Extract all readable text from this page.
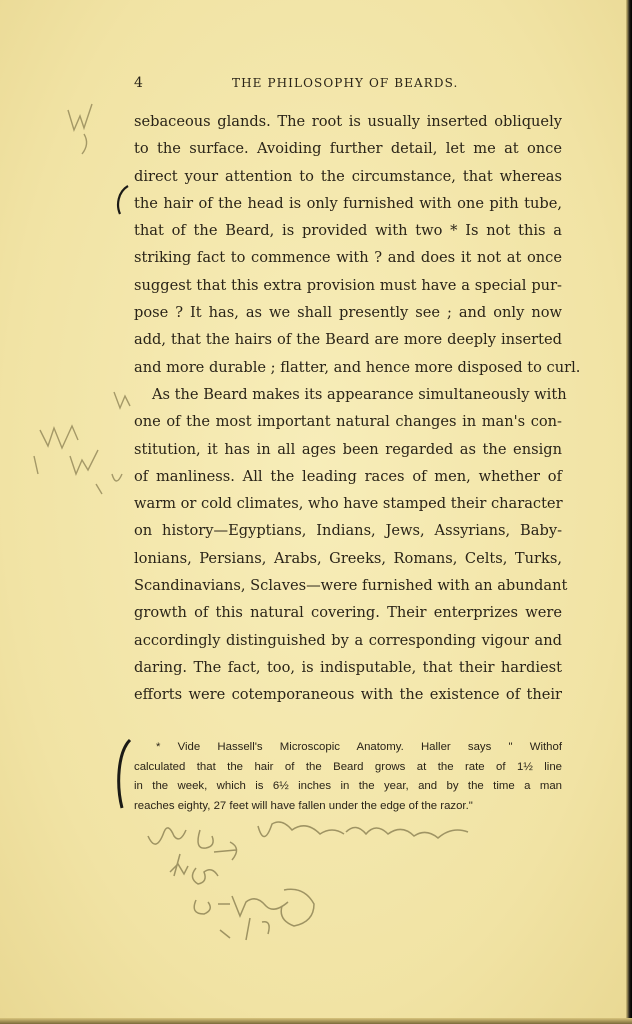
4	THE PHILOSOPHY OF BEARDS.
sebaceous glands. The root is usually inserted obliquely
to the surface. Avoiding further detail, let me at once
direct your attention to the circumstance, that whereas
the hair of the head is only furnished with one pith tube,
that of the Beard, is provided with two * Is not this a
striking fact to commence with ? and does it not at once
suggest that this extra provision must have a special pur-
pose ? It has, as we shall presently see ; and only now
add, that the hairs of the Beard are more deeply inserted
and more durable ; flatter, and hence more disposed to curl.
As the Beard makes its appearance simultaneously with
one of the most important natural changes in man's con-
stitution, it has in all ages been regarded as the ensign
of manliness. All the leading races of men, whether of
warm or cold climates, who have stamped their character
on history—Egyptians, Indians, Jews, Assyrians, Baby-
lonians, Persians, Arabs, Greeks, Romans, Celts, Turks,
Scandinavians, Sclaves—were furnished with an abundant
growth of this natural covering. Their enterprizes were
accordingly distinguished by a corresponding vigour and
daring. The fact, too, is indisputable, that their hardiest
efforts were cotemporaneous with the existence of their
* Vide Hassell's Microscopic Anatomy. Haller says " Withof
calculated that the hair of the Beard grows at the rate of 1½ line
in the week, which is 6½ inches in the year, and by the time a man
reaches eighty, 27 feet will have fallen under the edge of the razor."
